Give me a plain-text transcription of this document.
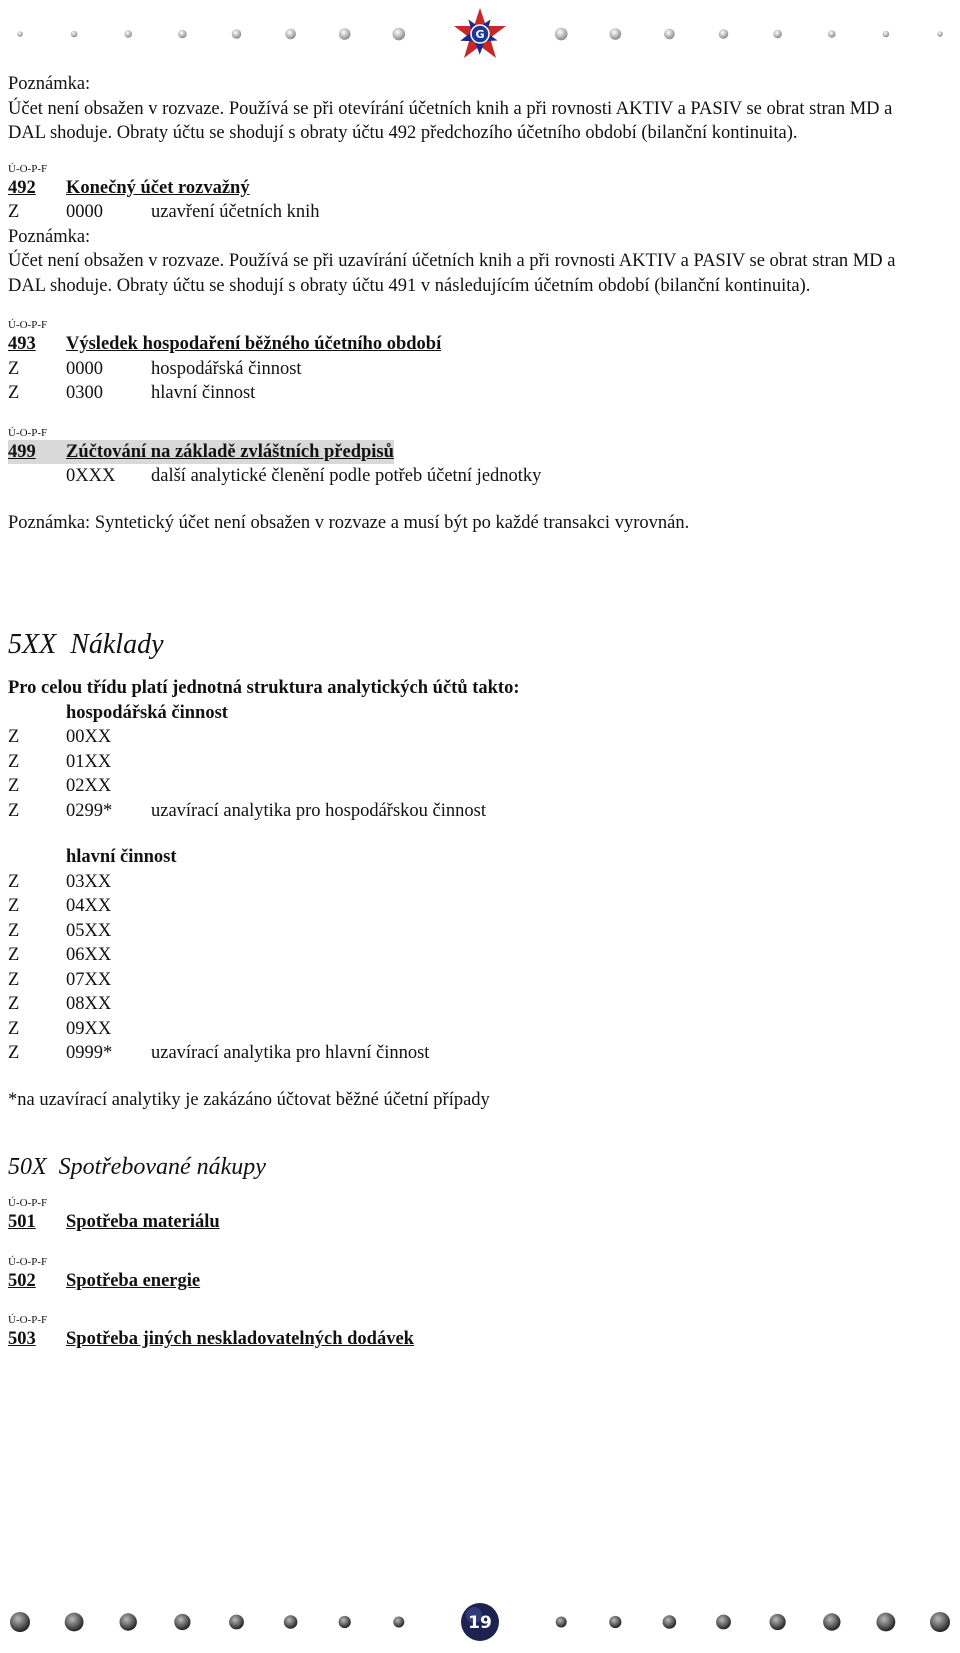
G

Poznámka:

Účet není obsažen v rozvaze. Používá se při otevírání účetních knih a při rovnosti AKTIV a PASIV se obrat stran MD a DAL shoduje. Obraty účtu se shodují s obraty účtu 492 předchozího účetního období (bilanční kontinuita).

Ú-O-P-F

492	Konečný účet rozvažný
Z	0000	uzavření účetních knih

Poznámka:

Účet není obsažen v rozvaze. Používá se při uzavírání účetních knih a při rovnosti AKTIV a PASIV se obrat stran MD a DAL shoduje. Obraty účtu se shodují s obraty účtu 491 v následujícím účetním období (bilanční kontinuita).

Ú-O-P-F

493	Výsledek hospodaření běžného účetního období
Z	0000	hospodářská činnost
Z	0300	hlavní činnost

Ú-O-P-F

499	Zúčtování na základě zvláštních předpisů
0XXX	další analytické členění podle potřeb účetní jednotky

Poznámka: Syntetický účet není obsažen v rozvaze a musí být po každé transakci vyrovnán.

5XX  Náklady

Pro celou třídu platí jednotná struktura analytických účtů takto:

hospodářská činnost

Z	00XX
Z	01XX
Z	02XX
Z	0299*	uzavírací analytika pro hospodářskou činnost

hlavní činnost

Z	03XX
Z	04XX
Z	05XX
Z	06XX
Z	07XX
Z	08XX
Z	09XX
Z	0999*	uzavírací analytika pro hlavní činnost

*na uzavírací analytiky je zakázáno účtovat běžné účetní případy

50X  Spotřebované nákupy

Ú-O-P-F

501	Spotřeba materiálu

Ú-O-P-F

502	Spotřeba energie

Ú-O-P-F

503	Spotřeba jiných neskladovatelných dodávek
19
